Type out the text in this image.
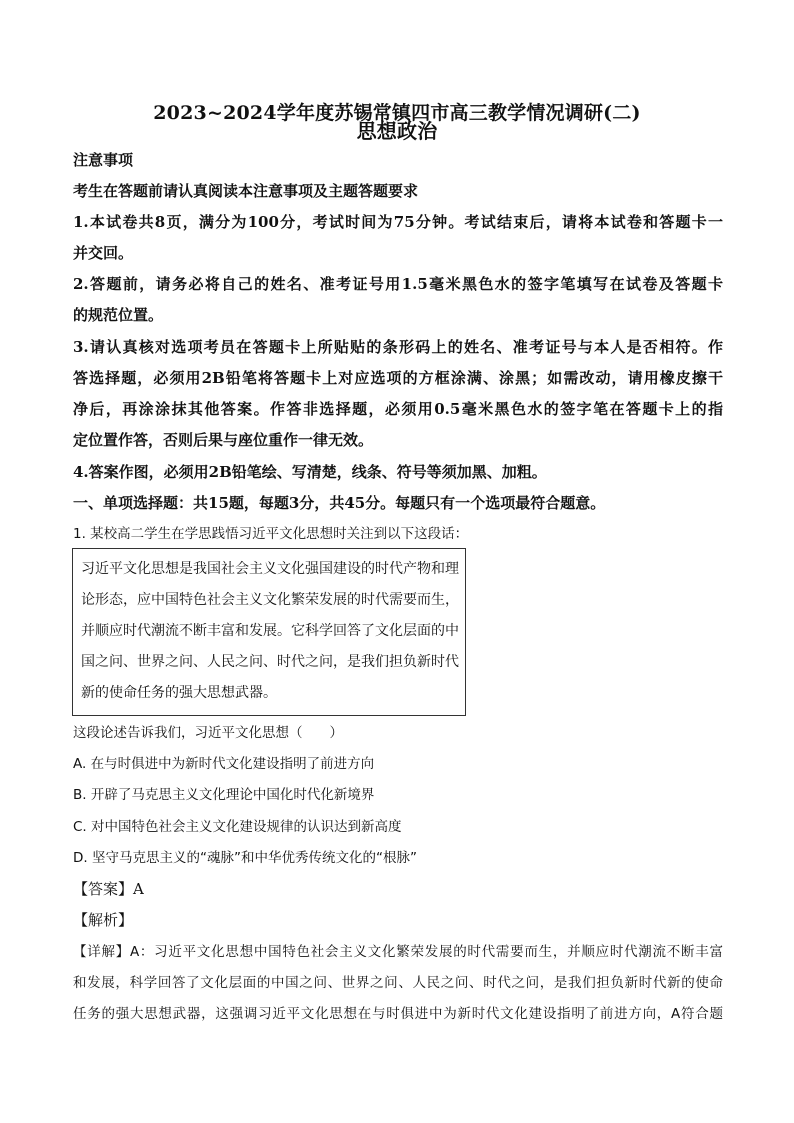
2023~2024学年度苏锡常镇四市高三教学情况调研(二)
思想政治
注意事项
考生在答题前请认真阅读本注意事项及主题答题要求
1.本试卷共8页，满分为100分，考试时间为75分钟。考试结束后，请将本试卷和答题卡一
并交回。
2.答题前，请务必将自己的姓名、准考证号用1.5毫米黑色水的签字笔填写在试卷及答题卡
的规范位置。
3.请认真核对选项考员在答题卡上所贴贴的条形码上的姓名、准考证号与本人是否相符。作
答选择题，必须用2B铅笔将答题卡上对应选项的方框涂满、涂黑；如需改动，请用橡皮擦干
净后，再涂涂抹其他答案。作答非选择题，必须用0.5毫米黑色水的签字笔在答题卡上的指
定位置作答，否则后果与座位重作一律无效。
4.答案作图，必须用2B铅笔绘、写清楚，线条、符号等须加黑、加粗。
一、单项选择题：共15题，每题3分，共45分。每题只有一个选项最符合题意。
1. 某校高二学生在学思践悟习近平文化思想时关注到以下这段话：
习近平文化思想是我国社会主义文化强国建设的时代产物和理
论形态，应中国特色社会主义文化繁荣发展的时代需要而生，
并顺应时代潮流不断丰富和发展。它科学回答了文化层面的中
国之问、世界之问、人民之问、时代之问，是我们担负新时代
新的使命任务的强大思想武器。
这段论述告诉我们，习近平文化思想（　　）
A. 在与时俱进中为新时代文化建设指明了前进方向
B. 开辟了马克思主义文化理论中国化时代化新境界
C. 对中国特色社会主义文化建设规律的认识达到新高度
D. 坚守马克思主义的“魂脉”和中华优秀传统文化的“根脉”
【答案】A
【解析】
【详解】A：习近平文化思想中国特色社会主义文化繁荣发展的时代需要而生，并顺应时代潮流不断丰富
和发展，科学回答了文化层面的中国之问、世界之问、人民之问、时代之问，是我们担负新时代新的使命
任务的强大思想武器，这强调习近平文化思想在与时俱进中为新时代文化建设指明了前进方向，A符合题
